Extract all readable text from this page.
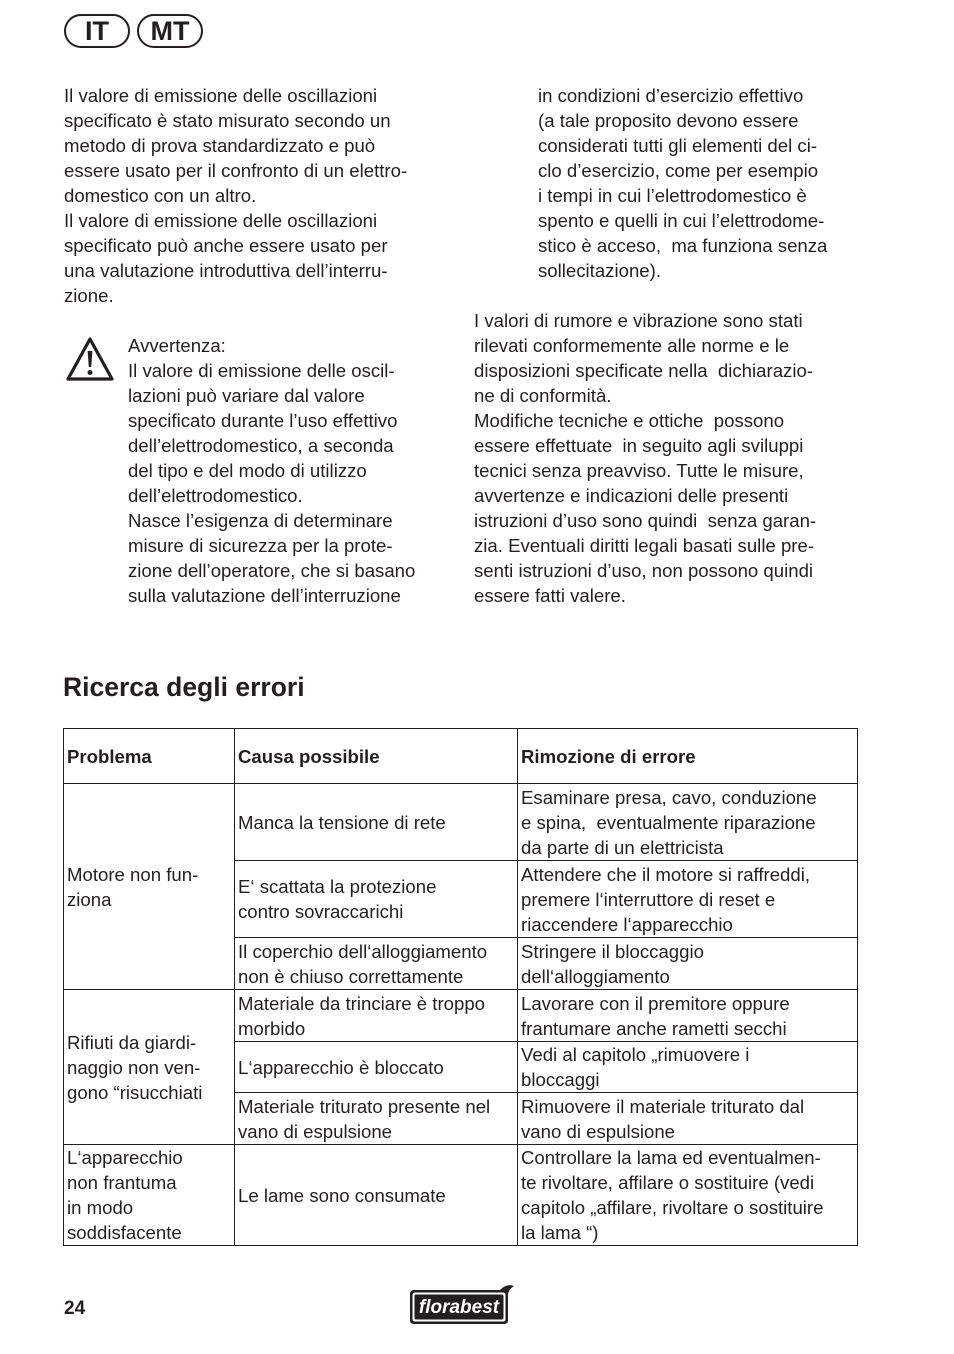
IT	MT

Il valore di emissione delle oscillazioni
specificato è stato misurato secondo un
metodo di prova standardizzato e può
essere usato per il confronto di un elettro-
domestico con un altro.

Il valore di emissione delle oscillazioni
specificato può anche essere usato per
una valutazione introduttiva dell’interru-
zione.

Avvertenza:

Il valore di emissione delle oscil-
lazioni può variare dal valore
specificato durante l’uso effettivo
dell’elettrodomestico, a seconda
del tipo e del modo di utilizzo
dell’elettrodomestico.

Nasce l’esigenza di determinare
misure di sicurezza per la prote-
zione dell’operatore, che si basano
sulla valutazione dell’interruzione

in condizioni d’esercizio effettivo
(a tale proposito devono essere
considerati tutti gli elementi del ci-
clo d’esercizio, come per esempio
i tempi in cui l’elettrodomestico è
spento e quelli in cui l’elettrodome-
stico è acceso,  ma funziona senza
sollecitazione).

I valori di rumore e vibrazione sono stati
rilevati conformemente alle norme e le
disposizioni specificate nella  dichiarazio-
ne di conformità.

Modifiche tecniche e ottiche  possono
essere effettuate  in seguito agli sviluppi
tecnici senza preavviso. Tutte le misure,
avvertenze e indicazioni delle presenti
istruzioni d’uso sono quindi  senza garan-
zia. Eventuali diritti legali basati sulle pre-
senti istruzioni d’uso, non possono quindi
essere fatti valere.

Ricerca degli errori
Problema	Causa possibile	Rimozione di errore
Motore non fun-
ziona	Manca la tensione di rete	Esaminare presa, cavo, conduzione
e spina,  eventualmente riparazione
da parte di un elettricista
	E‘ scattata la protezione
contro sovraccarichi	Attendere che il motore si raffreddi,
premere l‘interruttore di reset e
riaccendere l‘apparecchio
	Il coperchio dell‘alloggiamento
non è chiuso correttamente	Stringere il bloccaggio
dell‘alloggiamento
Rifiuti da giardi-
naggio non ven-
gono “risucchiati	Materiale da trinciare è troppo
morbido	Lavorare con il premitore oppure
frantumare anche rametti secchi
	L‘apparecchio è bloccato	Vedi al capitolo „rimuovere i
bloccaggi
	Materiale triturato presente nel
vano di espulsione	Rimuovere il materiale triturato dal
vano di espulsione
L‘apparecchio
non frantuma
in modo
soddisfacente	Le lame sono consumate	Controllare la lama ed eventualmen-
te rivoltare, affilare o sostituire (vedi
capitolo „affilare, rivoltare o sostituire
la lama “)
24	florabest
